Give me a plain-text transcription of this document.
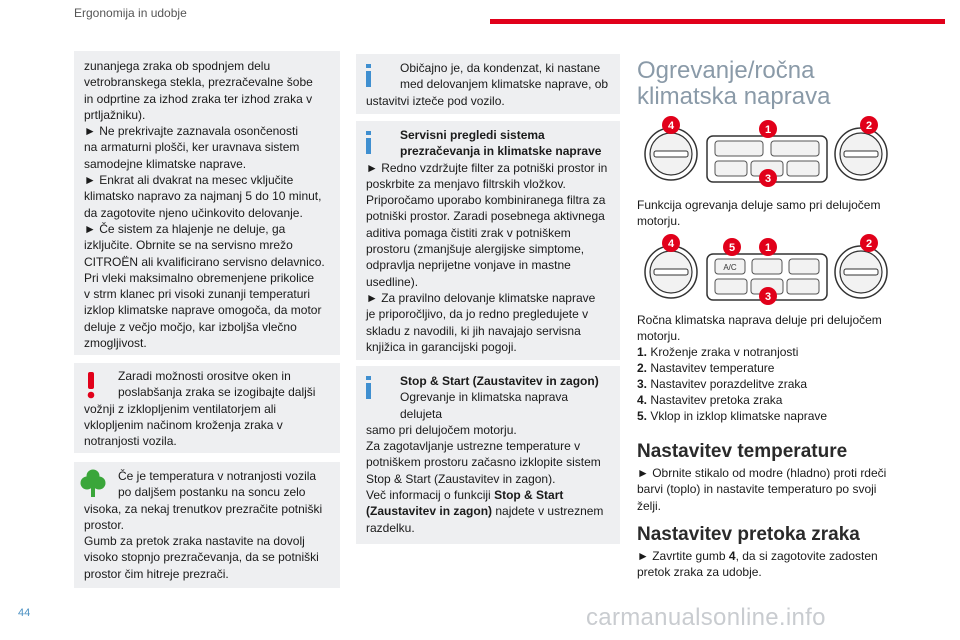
Ergonomija in udobje

zunanjega zraka ob spodnjem delu

vetrobranskega stekla, prezračevalne šobe

in odprtine za izhod zraka ter izhod zraka v

prtljažniku).

► Ne prekrivajte zaznavala osončenosti

na armaturni plošči, ker uravnava sistem

samodejne klimatske naprave.

► Enkrat ali dvakrat na mesec vključite

klimatsko napravo za najmanj 5 do 10 minut,

da zagotovite njeno učinkovito delovanje.

► Če sistem za hlajenje ne deluje, ga

izključite. Obrnite se na servisno mrežo

CITROËN ali kvalificirano servisno delavnico.

Pri vleki maksimalno obremenjene prikolice

v strm klanec pri visoki zunanji temperaturi

izklop klimatske naprave omogoča, da motor

deluje z večjo močjo, kar izboljša vlečno

zmogljivost.

Zaradi možnosti orositve oken in

poslabšanja zraka se izogibajte daljši

vožnji z izklopljenim ventilatorjem ali

vklopljenim načinom kroženja zraka v

notranjosti vozila.

Če je temperatura v notranjosti vozila

po daljšem postanku na soncu zelo

visoka, za nekaj trenutkov prezračite potniški

prostor.

Gumb za pretok zraka nastavite na dovolj

visoko stopnjo prezračevanja, da se potniški

prostor čim hitreje prezrači.

Običajno je, da kondenzat, ki nastane

med delovanjem klimatske naprave, ob

ustavitvi izteče pod vozilo.

Servisni pregledi sistema

prezračevanja in klimatske naprave

► Redno vzdržujte filter za potniški prostor in

poskrbite za menjavo filtrskih vložkov.

Priporočamo uporabo kombiniranega filtra za

potniški prostor. Zaradi posebnega aktivnega

aditiva pomaga čistiti zrak v potniškem

prostoru (zmanjšuje alergijske simptome,

odpravlja neprijetne vonjave in mastne

usedline).

► Za pravilno delovanje klimatske naprave

je priporočljivo, da jo redno pregledujete v

skladu z navodili, ki jih navajajo servisna

knjižica in garancijski pogoji.

Stop & Start (Zaustavitev in zagon)

Ogrevanje in klimatska naprava delujeta

samo pri delujočem motorju.

Za zagotavljanje ustrezne temperature v

potniškem prostoru začasno izklopite sistem

Stop & Start (Zaustavitev in zagon).

Več informacij o funkciji Stop & Start

(Zaustavitev in zagon) najdete v ustreznem

razdelku.

Ogrevanje/ročna
klimatska naprava
4	1
3
2
Funkcija ogrevanja deluje samo pri delujočem
motorju.
A/C
4	5	1
3
2
Ročna klimatska naprava deluje pri delujočem
motorju.
1. Kroženje zraka v notranjosti
2. Nastavitev temperature
3. Nastavitev porazdelitve zraka
4. Nastavitev pretoka zraka
5. Vklop in izklop klimatske naprave
Nastavitev temperature
► Obrnite stikalo od modre (hladno) proti rdeči
barvi (toplo) in nastavite temperaturo po svoji
želji.
Nastavitev pretoka zraka
► Zavrtite gumb 4, da si zagotovite zadosten
pretok zraka za udobje.
44	carmanualsonline.info
